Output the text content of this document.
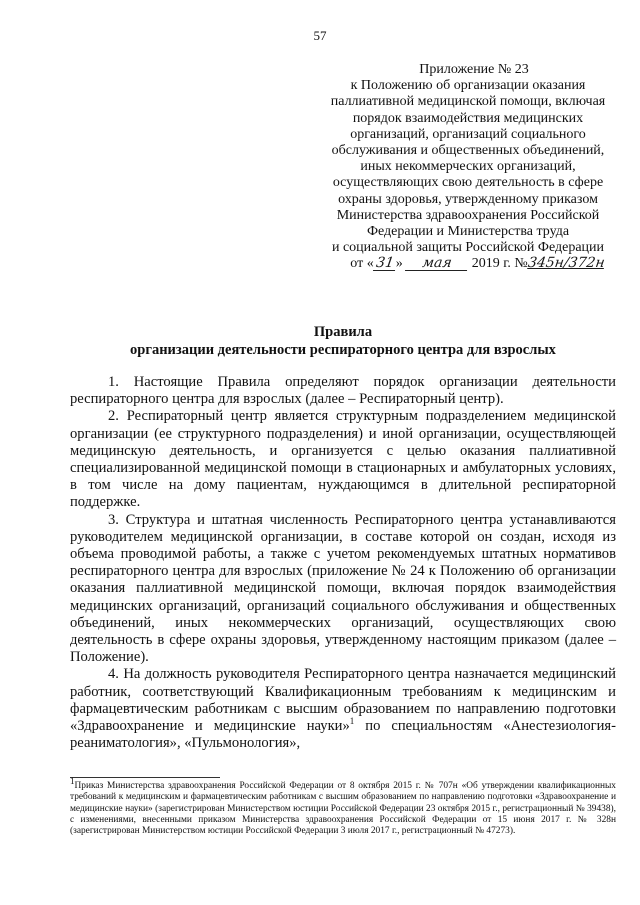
57
Приложение № 23
к Положению об организации оказания
паллиативной медицинской помощи, включая
порядок взаимодействия медицинских
организаций, организаций социального
обслуживания и общественных объединений,
иных некоммерческих организаций,
осуществляющих свою деятельность в сфере
охраны здоровья, утвержденному приказом
Министерства здравоохранения Российской
Федерации и Министерства труда
и социальной защиты Российской Федерации
от «31» мая 2019 г. №345н/372н
Правила
организации деятельности респираторного центра для взрослых

1. Настоящие Правила определяют порядок организации деятельности респираторного центра для взрослых (далее – Респираторный центр).

2. Респираторный центр является структурным подразделением медицинской организации (ее структурного подразделения) и иной организации, осуществляющей медицинскую деятельность, и организуется с целью оказания паллиативной специализированной медицинской помощи в стационарных и амбулаторных условиях, в том числе на дому пациентам, нуждающимся в длительной респираторной поддержке.

3. Структура и штатная численность Респираторного центра устанавливаются руководителем медицинской организации, в составе которой он создан, исходя из объема проводимой работы, а также с учетом рекомендуемых штатных нормативов респираторного центра для взрослых (приложение № 24 к Положению об организации оказания паллиативной медицинской помощи, включая порядок взаимодействия медицинских организаций, организаций социального обслуживания и общественных объединений, иных некоммерческих организаций, осуществляющих свою деятельность в сфере охраны здоровья, утвержденному настоящим приказом (далее – Положение).

4. На должность руководителя Респираторного центра назначается медицинский работник, соответствующий Квалификационным требованиям к медицинским и фармацевтическим работникам с высшим образованием по направлению подготовки «Здравоохранение и медицинские науки»$^1$ по специальностям «Анестезиология-реаниматология», «Пульмонология»,

$^1$Приказ Министерства здравоохранения Российской Федерации от 8 октября 2015 г. № 707н «Об утверждении квалификационных требований к медицинским и фармацевтическим работникам с высшим образованием по направлению подготовки «Здравоохранение и медицинские науки» (зарегистрирован Министерством юстиции Российской Федерации 23 октября 2015 г., регистрационный № 39438), с изменениями, внесенными приказом Министерства здравоохранения Российской Федерации от 15 июня 2017 г. № 328н (зарегистрирован Министерством юстиции Российской Федерации 3 июля 2017 г., регистрационный № 47273).
